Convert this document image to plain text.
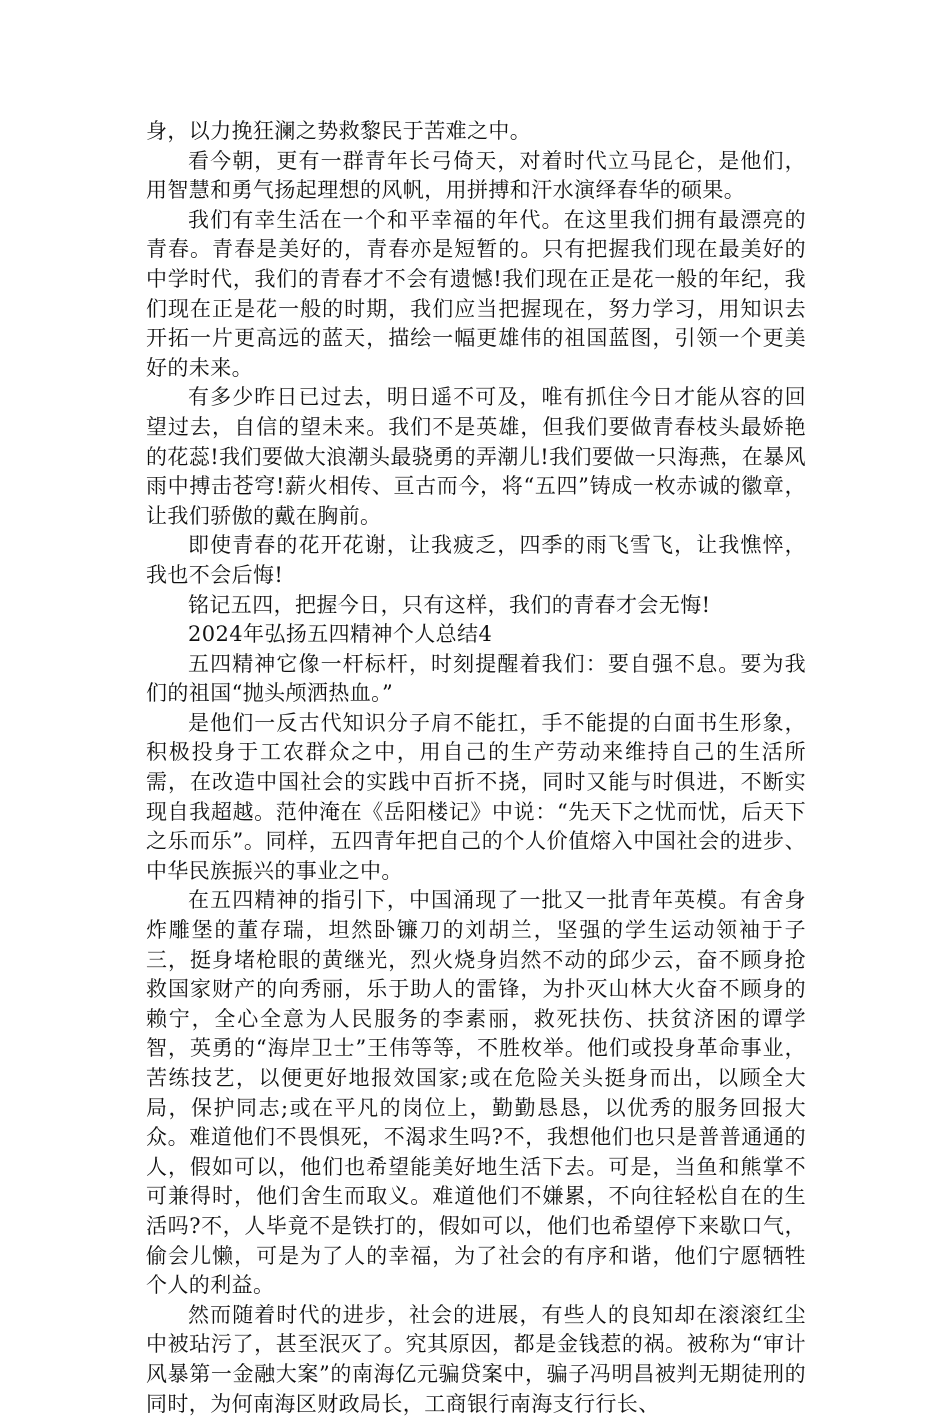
身，以力挽狂澜之势救黎民于苦难之中。

看今朝，更有一群青年长弓倚天，对着时代立马昆仑，是他们，用智慧和勇气扬起理想的风帆，用拼搏和汗水演绎春华的硕果。

我们有幸生活在一个和平幸福的年代。在这里我们拥有最漂亮的青春。青春是美好的，青春亦是短暂的。只有把握我们现在最美好的中学时代，我们的青春才不会有遗憾!我们现在正是花一般的年纪，我们现在正是花一般的时期，我们应当把握现在，努力学习，用知识去开拓一片更高远的蓝天，描绘一幅更雄伟的祖国蓝图，引领一个更美好的未来。

有多少昨日已过去，明日遥不可及，唯有抓住今日才能从容的回望过去，自信的望未来。我们不是英雄，但我们要做青春枝头最娇艳的花蕊!我们要做大浪潮头最骁勇的弄潮儿!我们要做一只海燕，在暴风雨中搏击苍穹!薪火相传、亘古而今，将“五四”铸成一枚赤诚的徽章，让我们骄傲的戴在胸前。

即使青春的花开花谢，让我疲乏，四季的雨飞雪飞，让我憔悴，我也不会后悔!

铭记五四，把握今日，只有这样，我们的青春才会无悔!

2024年弘扬五四精神个人总结4

五四精神它像一杆标杆，时刻提醒着我们：要自强不息。要为我们的祖国“抛头颅洒热血。”

是他们一反古代知识分子肩不能扛，手不能提的白面书生形象，积极投身于工农群众之中，用自己的生产劳动来维持自己的生活所需，在改造中国社会的实践中百折不挠，同时又能与时俱进，不断实现自我超越。范仲淹在《岳阳楼记》中说：“先天下之忧而忧，后天下之乐而乐”。同样，五四青年把自己的个人价值熔入中国社会的进步、中华民族振兴的事业之中。

在五四精神的指引下，中国涌现了一批又一批青年英模。有舍身炸雕堡的董存瑞，坦然卧镰刀的刘胡兰，坚强的学生运动领袖于子三，挺身堵枪眼的黄继光，烈火烧身岿然不动的邱少云，奋不顾身抢救国家财产的向秀丽，乐于助人的雷锋，为扑灭山林大火奋不顾身的赖宁，全心全意为人民服务的李素丽，救死扶伤、扶贫济困的谭学智，英勇的“海岸卫士”王伟等等，不胜枚举。他们或投身革命事业，苦练技艺，以便更好地报效国家;或在危险关头挺身而出，以顾全大局，保护同志;或在平凡的岗位上，勤勤恳恳，以优秀的服务回报大众。难道他们不畏惧死，不渴求生吗?不，我想他们也只是普普通通的人，假如可以，他们也希望能美好地生活下去。可是，当鱼和熊掌不可兼得时，他们舍生而取义。难道他们不嫌累，不向往轻松自在的生活吗?不，人毕竟不是铁打的，假如可以，他们也希望停下来歇口气，偷会儿懒，可是为了人的幸福，为了社会的有序和谐，他们宁愿牺牲个人的利益。

然而随着时代的进步，社会的进展，有些人的良知却在滚滚红尘中被玷污了，甚至泯灭了。究其原因，都是金钱惹的祸。被称为“审计风暴第一金融大案”的南海亿元骗贷案中，骗子冯明昌被判无期徒刑的同时，为何南海区财政局长，工商银行南海支行行长、
